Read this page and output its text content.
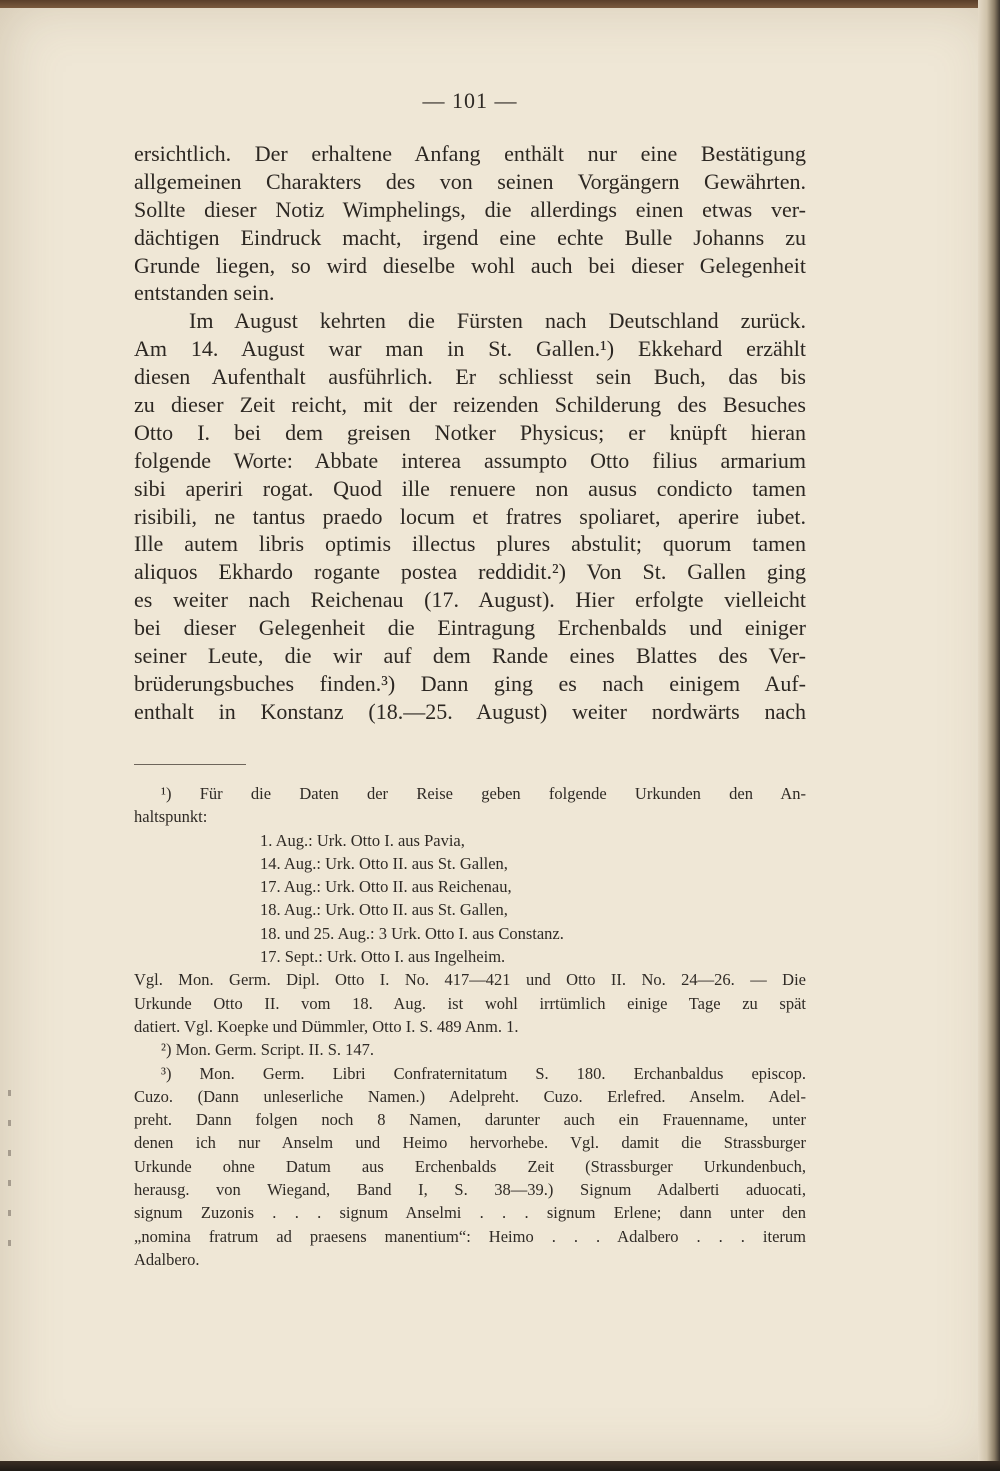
— 101 —
ersichtlich. Der erhaltene Anfang enthält nur eine Bestätigung
allgemeinen Charakters des von seinen Vorgängern Gewährten.
Sollte dieser Notiz Wimphelings, die allerdings einen etwas ver-
dächtigen Eindruck macht, irgend eine echte Bulle Johanns zu
Grunde liegen, so wird dieselbe wohl auch bei dieser Gelegenheit
entstanden sein.
Im August kehrten die Fürsten nach Deutschland zurück.
Am 14. August war man in St. Gallen.¹) Ekkehard erzählt
diesen Aufenthalt ausführlich. Er schliesst sein Buch, das bis
zu dieser Zeit reicht, mit der reizenden Schilderung des Besuches
Otto I. bei dem greisen Notker Physicus; er knüpft hieran
folgende Worte: Abbate interea assumpto Otto filius armarium
sibi aperiri rogat. Quod ille renuere non ausus condicto tamen
risibili, ne tantus praedo locum et fratres spoliaret, aperire iubet.
Ille autem libris optimis illectus plures abstulit; quorum tamen
aliquos Ekhardo rogante postea reddidit.²) Von St. Gallen ging
es weiter nach Reichenau (17. August). Hier erfolgte vielleicht
bei dieser Gelegenheit die Eintragung Erchenbalds und einiger
seiner Leute, die wir auf dem Rande eines Blattes des Ver-
brüderungsbuches finden.³) Dann ging es nach einigem Auf-
enthalt in Konstanz (18.—25. August) weiter nordwärts nach
¹) Für die Daten der Reise geben folgende Urkunden den An-
haltspunkt:
1. Aug.: Urk. Otto I. aus Pavia,
14. Aug.: Urk. Otto II. aus St. Gallen,
17. Aug.: Urk. Otto II. aus Reichenau,
18. Aug.: Urk. Otto II. aus St. Gallen,
18. und 25. Aug.: 3 Urk. Otto I. aus Constanz.
17. Sept.: Urk. Otto I. aus Ingelheim.
Vgl. Mon. Germ. Dipl. Otto I. No. 417—421 und Otto II. No. 24—26. — Die
Urkunde Otto II. vom 18. Aug. ist wohl irrtümlich einige Tage zu spät
datiert. Vgl. Koepke und Dümmler, Otto I. S. 489 Anm. 1.
²) Mon. Germ. Script. II. S. 147.
³) Mon. Germ. Libri Confraternitatum S. 180. Erchanbaldus episcop.
Cuzo. (Dann unleserliche Namen.) Adelpreht. Cuzo. Erlefred. Anselm. Adel-
preht. Dann folgen noch 8 Namen, darunter auch ein Frauenname, unter
denen ich nur Anselm und Heimo hervorhebe. Vgl. damit die Strassburger
Urkunde ohne Datum aus Erchenbalds Zeit (Strassburger Urkundenbuch,
herausg. von Wiegand, Band I, S. 38—39.) Signum Adalberti aduocati,
signum Zuzonis . . . signum Anselmi . . . signum Erlene; dann unter den
„nomina fratrum ad praesens manentium“: Heimo . . . Adalbero . . . iterum
Adalbero.
